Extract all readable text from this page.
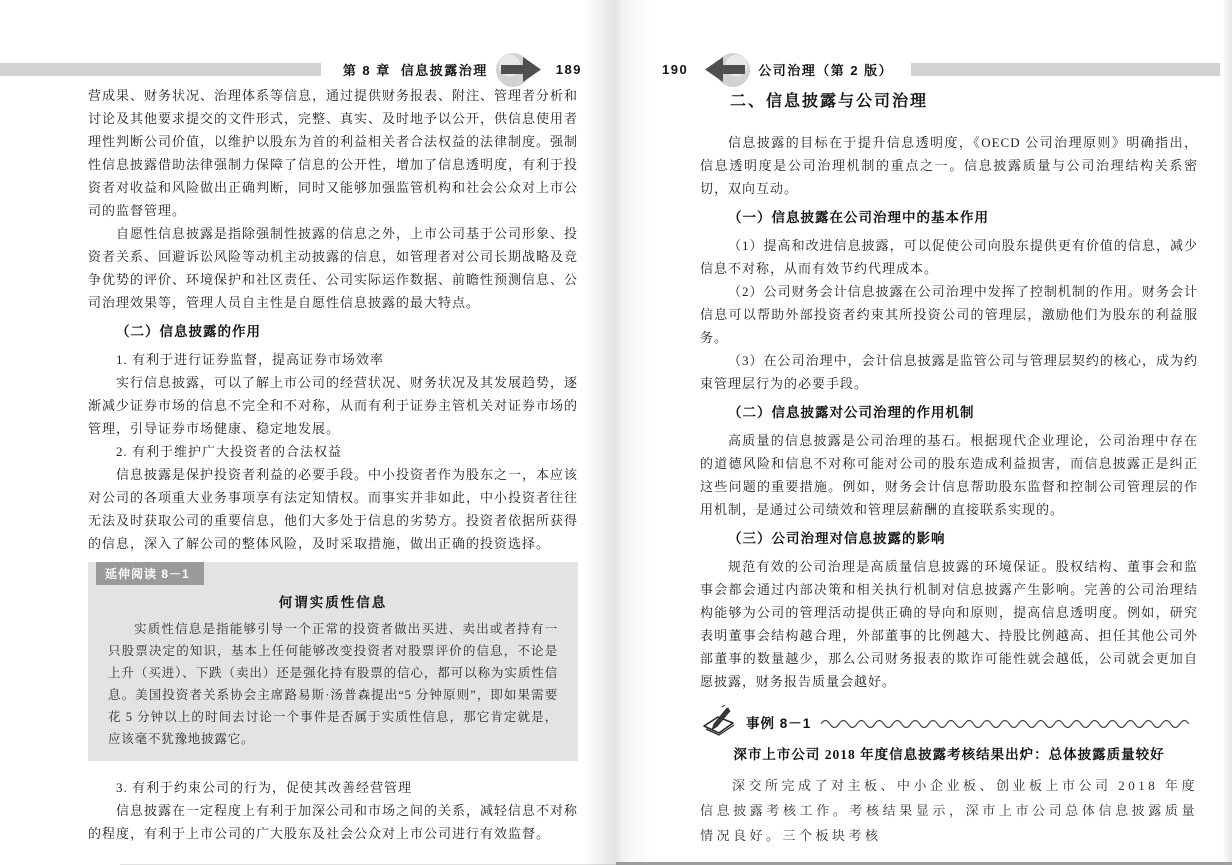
第 8 章 信息披露治理	189

营成果、财务状况、治理体系等信息，通过提供财务报表、附注、管理者分析和讨论及其他要求提交的文件形式，完整、真实、及时地予以公开，供信息使用者理性判断公司价值，以维护以股东为首的利益相关者合法权益的法律制度。强制性信息披露借助法律强制力保障了信息的公开性，增加了信息透明度，有利于投资者对收益和风险做出正确判断，同时又能够加强监管机构和社会公众对上市公司的监督管理。

自愿性信息披露是指除强制性披露的信息之外，上市公司基于公司形象、投资者关系、回避诉讼风险等动机主动披露的信息，如管理者对公司长期战略及竞争优势的评价、环境保护和社区责任、公司实际运作数据、前瞻性预测信息、公司治理效果等，管理人员自主性是自愿性信息披露的最大特点。

（二）信息披露的作用

1. 有利于进行证券监督，提高证券市场效率

实行信息披露，可以了解上市公司的经营状况、财务状况及其发展趋势，逐渐减少证券市场的信息不完全和不对称，从而有利于证券主管机关对证券市场的管理，引导证券市场健康、稳定地发展。

2. 有利于维护广大投资者的合法权益

信息披露是保护投资者利益的必要手段。中小投资者作为股东之一，本应该对公司的各项重大业务事项享有法定知情权。而事实并非如此，中小投资者往往无法及时获取公司的重要信息，他们大多处于信息的劣势方。投资者依据所获得的信息，深入了解公司的整体风险，及时采取措施，做出正确的投资选择。

延伸阅读 8－1
何谓实质性信息

实质性信息是指能够引导一个正常的投资者做出买进、卖出或者持有一只股票决定的知识，基本上任何能够改变投资者对股票评价的信息，不论是上升（买进）、下跌（卖出）还是强化持有股票的信心，都可以称为实质性信息。美国投资者关系协会主席路易斯·汤普森提出“5 分钟原则”，即如果需要花 5 分钟以上的时间去讨论一个事件是否属于实质性信息，那它肯定就是，应该毫不犹豫地披露它。

3. 有利于约束公司的行为，促使其改善经营管理

信息披露在一定程度上有利于加深公司和市场之间的关系，减轻信息不对称的程度，有利于上市公司的广大股东及社会公众对上市公司进行有效监督。

190	公司治理（第 2 版）
二、信息披露与公司治理

信息披露的目标在于提升信息透明度，《OECD 公司治理原则》明确指出，信息透明度是公司治理机制的重点之一。信息披露质量与公司治理结构关系密切，双向互动。

（一）信息披露在公司治理中的基本作用

（1）提高和改进信息披露，可以促使公司向股东提供更有价值的信息，减少信息不对称，从而有效节约代理成本。

（2）公司财务会计信息披露在公司治理中发挥了控制机制的作用。财务会计信息可以帮助外部投资者约束其所投资公司的管理层，激励他们为股东的利益服务。

（3）在公司治理中，会计信息披露是监管公司与管理层契约的核心，成为约束管理层行为的必要手段。

（二）信息披露对公司治理的作用机制

高质量的信息披露是公司治理的基石。根据现代企业理论，公司治理中存在的道德风险和信息不对称可能对公司的股东造成利益损害，而信息披露正是纠正这些问题的重要措施。例如，财务会计信息帮助股东监督和控制公司管理层的作用机制，是通过公司绩效和管理层薪酬的直接联系实现的。

（三）公司治理对信息披露的影响

规范有效的公司治理是高质量信息披露的环境保证。股权结构、董事会和监事会都会通过内部决策和相关执行机制对信息披露产生影响。完善的公司治理结构能够为公司的管理活动提供正确的导向和原则，提高信息透明度。例如，研究表明董事会结构越合理，外部董事的比例越大、持股比例越高、担任其他公司外部董事的数量越少，那么公司财务报表的欺诈可能性就会越低，公司就会更加自愿披露，财务报告质量会越好。

事例 8－1
深市上市公司 2018 年度信息披露考核结果出炉：总体披露质量较好

深交所完成了对主板、中小企业板、创业板上市公司 2018 年度信息披露考核工作。考核结果显示，深市上市公司总体信息披露质量情况良好。三个板块考核
